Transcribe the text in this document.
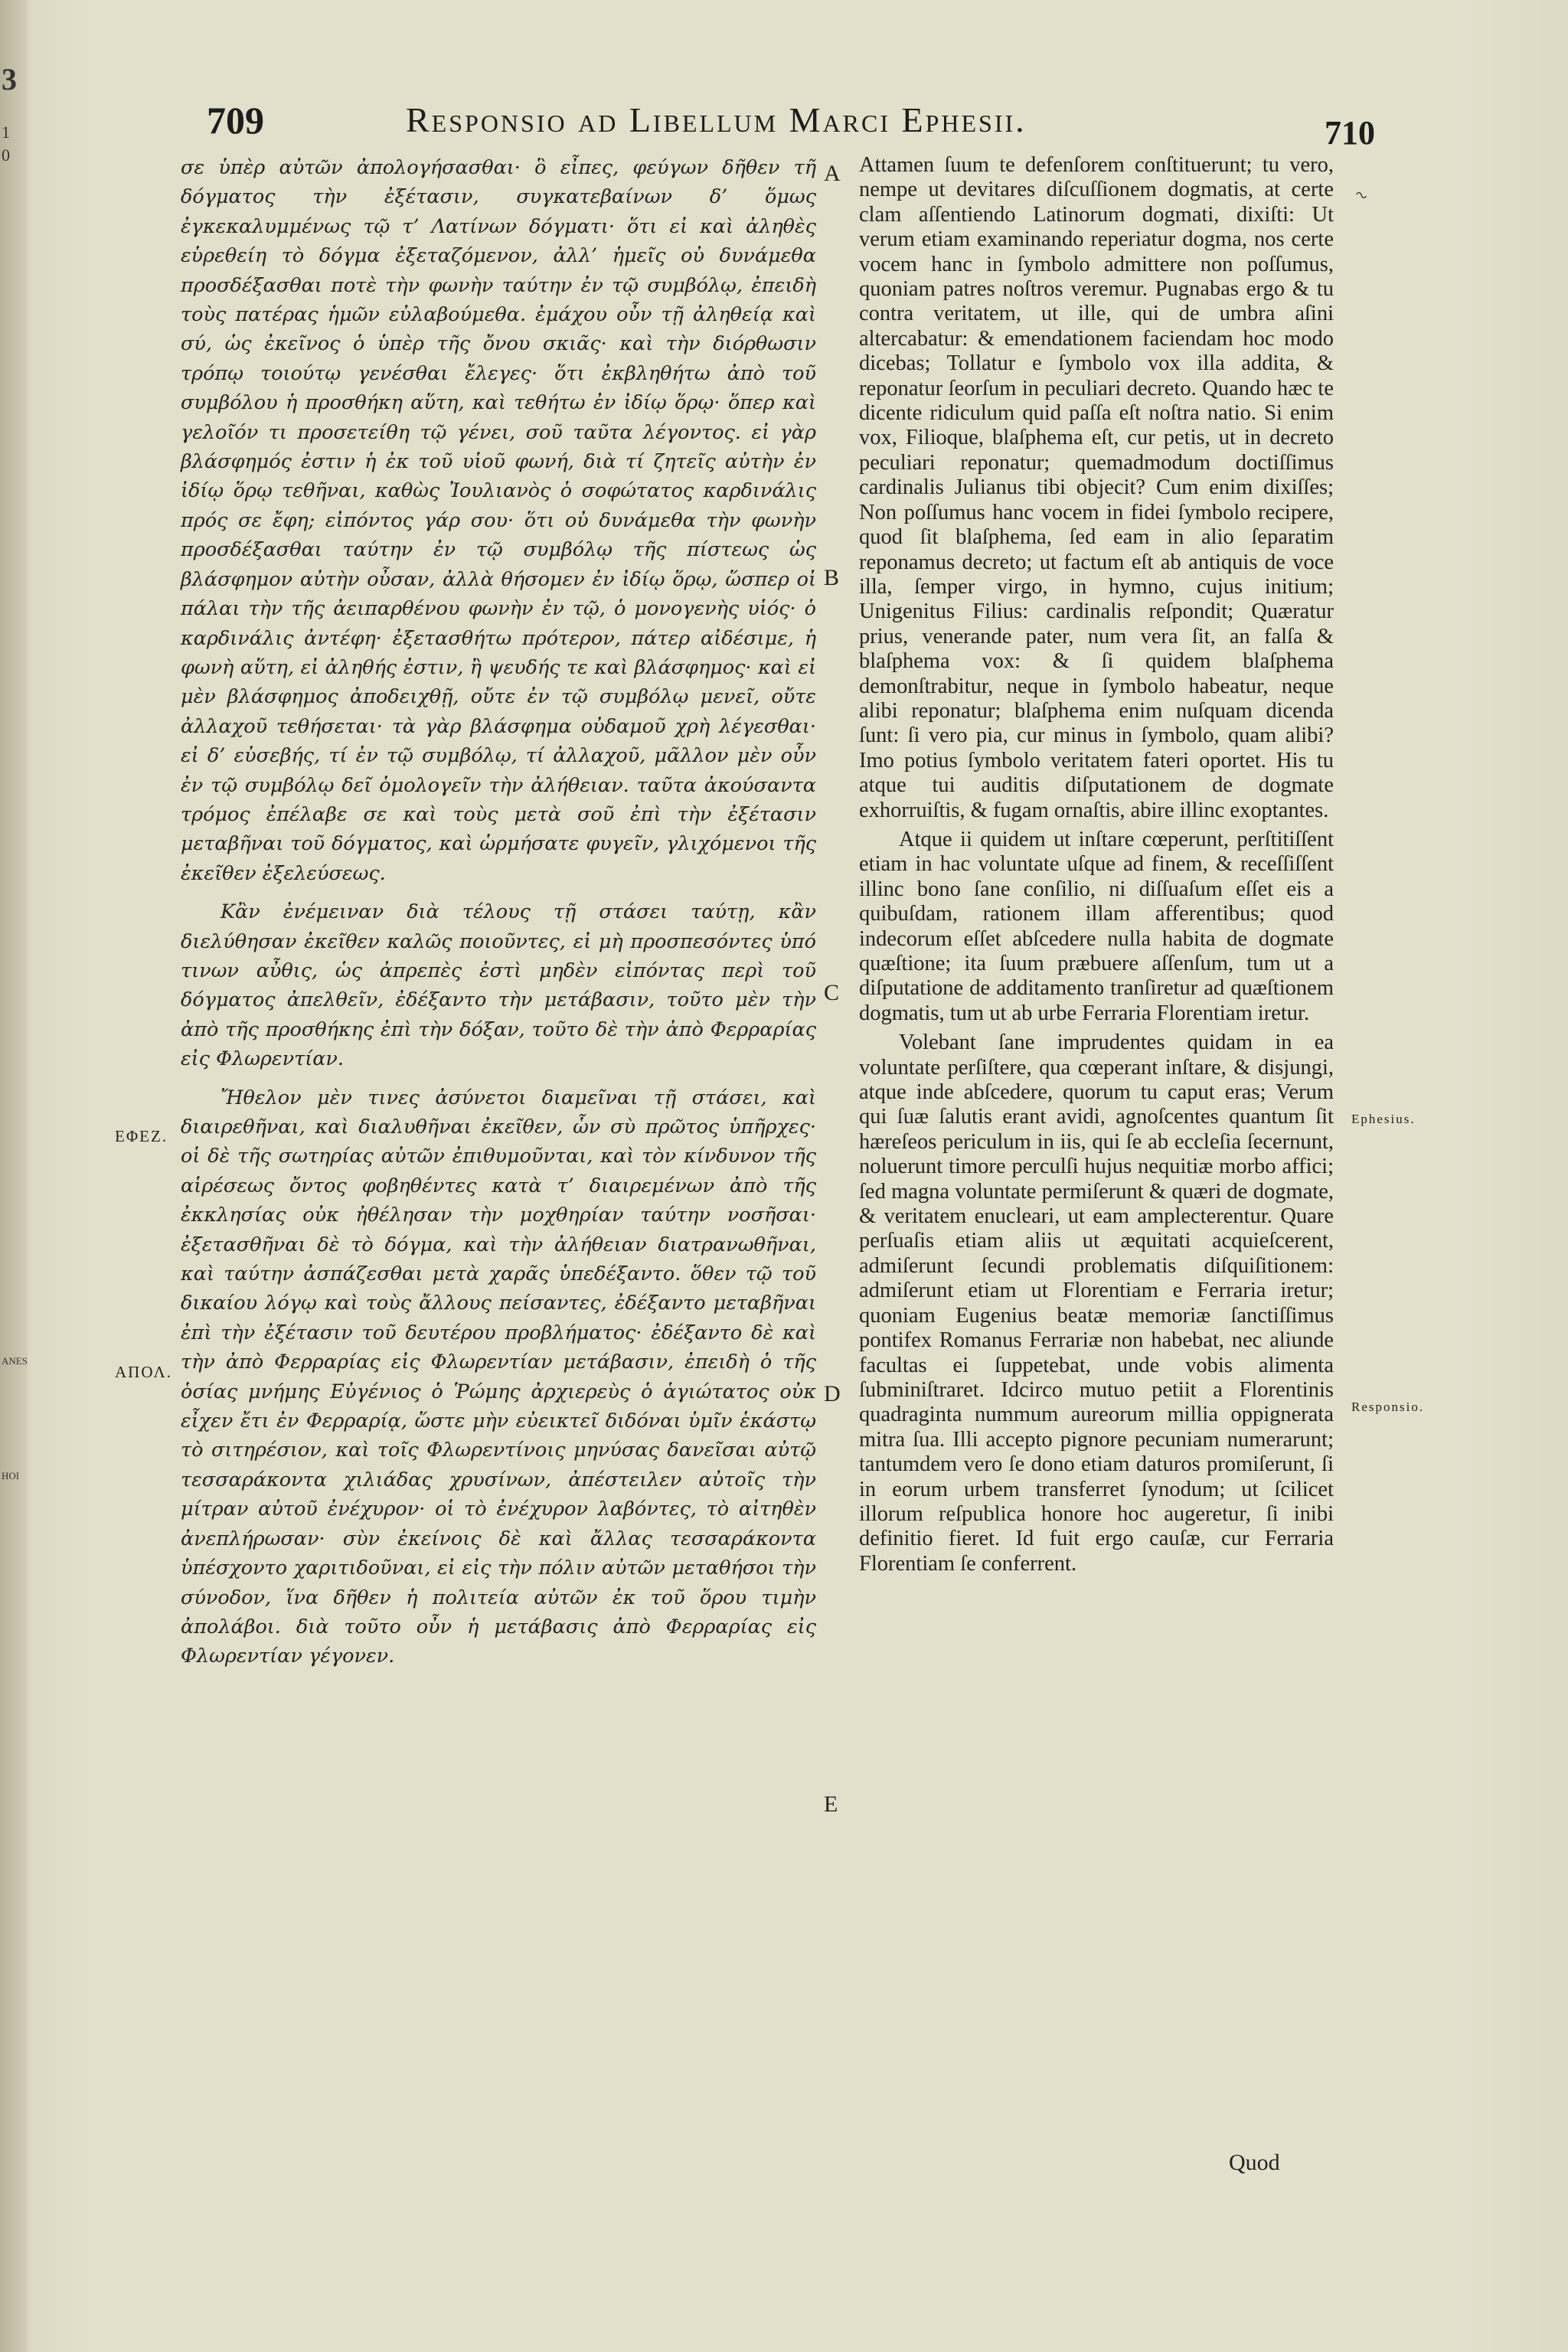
3
1
0
ANES
HOI
709	Responsio ad Libellum Marci Ephesii.	710
~

σε ὑπὲρ αὐτῶν ἀπολογήσασθαι· ὃ εἶπες, φεύγων δῆθεν τῆ δόγματος τὴν ἐξέτασιν, συγκατεβαίνων δ’ ὅμως ἐγκεκαλυμμένως τῷ τ’ Λατίνων δόγματι· ὅτι εἰ καὶ ἀληθὲς εὑρεθείη τὸ δόγμα ἐξεταζόμενον, ἀλλ’ ἡμεῖς οὐ δυνάμεθα προσδέξασθαι ποτὲ τὴν φωνὴν ταύτην ἐν τῷ συμβόλῳ, ἐπειδὴ τοὺς πατέρας ἡμῶν εὐλαβούμεθα. ἐμάχου οὖν τῇ ἀληθείᾳ καὶ σύ, ὡς ἐκεῖνος ὁ ὑπὲρ τῆς ὄνου σκιᾶς· καὶ τὴν διόρθωσιν τρόπῳ τοιούτῳ γενέσθαι ἔλεγες· ὅτι ἐκβληθήτω ἀπὸ τοῦ συμβόλου ἡ προσθήκη αὕτη, καὶ τεθήτω ἐν ἰδίῳ ὅρῳ· ὅπερ καὶ γελοῖόν τι προσετείθη τῷ γένει, σοῦ ταῦτα λέγοντος. εἰ γὰρ βλάσφημός ἐστιν ἡ ἐκ τοῦ υἱοῦ φωνή, διὰ τί ζητεῖς αὐτὴν ἐν ἰδίῳ ὅρῳ τεθῆναι, καθὼς Ἰουλιανὸς ὁ σοφώτατος καρδινάλις πρός σε ἔφη; εἰπόντος γάρ σου· ὅτι οὐ δυνάμεθα τὴν φωνὴν προσδέξασθαι ταύτην ἐν τῷ συμβόλῳ τῆς πίστεως ὡς βλάσφημον αὐτὴν οὖσαν, ἀλλὰ θήσομεν ἐν ἰδίῳ ὅρῳ, ὥσπερ οἱ πάλαι τὴν τῆς ἀειπαρθένου φωνὴν ἐν τῷ, ὁ μονογενὴς υἱός· ὁ καρδινάλις ἀντέφη· ἐξετασθήτω πρότερον, πάτερ αἰδέσιμε, ἡ φωνὴ αὕτη, εἰ ἀληθής ἐστιν, ἢ ψευδής τε καὶ βλάσφημος· καὶ εἰ μὲν βλάσφημος ἀποδειχθῇ, οὔτε ἐν τῷ συμβόλῳ μενεῖ, οὔτε ἀλλαχοῦ τεθήσεται· τὰ γὰρ βλάσφημα οὐδαμοῦ χρὴ λέγεσθαι· εἰ δ’ εὐσεβής, τί ἐν τῷ συμβόλῳ, τί ἀλλαχοῦ, μᾶλλον μὲν οὖν ἐν τῷ συμβόλῳ δεῖ ὁμολογεῖν τὴν ἀλήθειαν. ταῦτα ἀκούσαντα τρόμος ἐπέλαβε σε καὶ τοὺς μετὰ σοῦ ἐπὶ τὴν ἐξέτασιν μεταβῆναι τοῦ δόγματος, καὶ ὡρμήσατε φυγεῖν, γλιχόμενοι τῆς ἐκεῖθεν ἐξελεύσεως.

Κἂν ἐνέμειναν διὰ τέλους τῇ στάσει ταύτῃ, κἂν διελύθησαν ἐκεῖθεν καλῶς ποιοῦντες, εἰ μὴ προσπεσόντες ὑπό τινων αὖθις, ὡς ἀπρεπὲς ἐστὶ μηδὲν εἰπόντας περὶ τοῦ δόγματος ἀπελθεῖν, ἐδέξαντο τὴν μετάβασιν, τοῦτο μὲν τὴν ἀπὸ τῆς προσθήκης ἐπὶ τὴν δόξαν, τοῦτο δὲ τὴν ἀπὸ Φερραρίας εἰς Φλωρεντίαν.

Ἤθελον μὲν τινες ἀσύνετοι διαμεῖναι τῇ στάσει, καὶ διαιρεθῆναι, καὶ διαλυθῆναι ἐκεῖθεν, ὧν σὺ πρῶτος ὑπῆρχες· οἱ δὲ τῆς σωτηρίας αὐτῶν ἐπιθυμοῦνται, καὶ τὸν κίνδυνον τῆς αἱρέσεως ὄντος φοβηθέντες κατὰ τ’ διαιρεμένων ἀπὸ τῆς ἐκκλησίας οὐκ ἠθέλησαν τὴν μοχθηρίαν ταύτην νοσῆσαι· ἐξετασθῆναι δὲ τὸ δόγμα, καὶ τὴν ἀλήθειαν διατρανωθῆναι, καὶ ταύτην ἀσπάζεσθαι μετὰ χαρᾶς ὑπεδέξαντο. ὅθεν τῷ τοῦ δικαίου λόγῳ καὶ τοὺς ἄλλους πείσαντες, ἐδέξαντο μεταβῆναι ἐπὶ τὴν ἐξέτασιν τοῦ δευτέρου προβλήματος· ἐδέξαντο δὲ καὶ τὴν ἀπὸ Φερραρίας εἰς Φλωρεντίαν μετάβασιν, ἐπειδὴ ὁ τῆς ὁσίας μνήμης Εὐγένιος ὁ Ῥώμης ἀρχιερεὺς ὁ ἁγιώτατος οὐκ εἶχεν ἔτι ἐν Φερραρίᾳ, ὥστε μὴν εὐεικτεῖ διδόναι ὑμῖν ἑκάστῳ τὸ σιτηρέσιον, καὶ τοῖς Φλωρεντίνοις μηνύσας δανεῖσαι αὐτῷ τεσσαράκοντα χιλιάδας χρυσίνων, ἀπέστειλεν αὐτοῖς τὴν μίτραν αὐτοῦ ἐνέχυρον· οἱ τὸ ἐνέχυρον λαβόντες, τὸ αἰτηθὲν ἀνεπλήρωσαν· σὺν ἐκείνοις δὲ καὶ ἄλλας τεσσαράκοντα ὑπέσχοντο χαριτιδοῦναι, εἰ εἰς τὴν πόλιν αὐτῶν μεταθήσοι τὴν σύνοδον, ἵνα δῆθεν ἡ πολιτεία αὐτῶν ἐκ τοῦ ὅρου τιμὴν ἀπολάβοι. διὰ τοῦτο οὖν ἡ μετάβασις ἀπὸ Φερραρίας εἰς Φλωρεντίαν γέγονεν.

ΕΦΕΖ.
ΑΠΟΛ.
A
B
C
D
E

Attamen ſuum te defenſorem conſtituerunt; tu vero, nempe ut devitares diſcuſſionem dogmatis, at certe clam aſſentiendo Latinorum dogmati, dixiſti: Ut verum etiam examinando reperiatur dogma, nos certe vocem hanc in ſymbolo admittere non poſſumus, quoniam patres noſtros veremur. Pugnabas ergo & tu contra veritatem, ut ille, qui de umbra aſini altercabatur: & emendationem faciendam hoc modo dicebas; Tollatur e ſymbolo vox illa addita, & reponatur ſeorſum in peculiari decreto. Quando hæc te dicente ridiculum quid paſſa eſt noſtra natio. Si enim vox, Filioque, blaſphema eſt, cur petis, ut in decreto peculiari reponatur; quemadmodum doctiſſimus cardinalis Julianus tibi objecit? Cum enim dixiſſes; Non poſſumus hanc vocem in fidei ſymbolo recipere, quod ſit blaſphema, ſed eam in alio ſeparatim reponamus decreto; ut factum eſt ab antiquis de voce illa, ſemper virgo, in hymno, cujus initium; Unigenitus Filius: cardinalis reſpondit; Quæratur prius, venerande pater, num vera ſit, an falſa & blaſphema vox: & ſi quidem blaſphema demonſtrabitur, neque in ſymbolo habeatur, neque alibi reponatur; blaſphema enim nuſquam dicenda ſunt: ſi vero pia, cur minus in ſymbolo, quam alibi? Imo potius ſymbolo veritatem fateri oportet. His tu atque tui auditis diſputationem de dogmate exhorruiſtis, & fugam ornaſtis, abire illinc exoptantes.

Atque ii quidem ut inſtare cœperunt, perſtitiſſent etiam in hac voluntate uſque ad finem, & receſſiſſent illinc bono ſane conſilio, ni diſſuaſum eſſet eis a quibuſdam, rationem illam afferentibus; quod indecorum eſſet abſcedere nulla habita de dogmate quæſtione; ita ſuum præbuere aſſenſum, tum ut a diſputatione de additamento tranſiretur ad quæſtionem dogmatis, tum ut ab urbe Ferraria Florentiam iretur.

Volebant ſane imprudentes quidam in ea voluntate perſiſtere, qua cœperant inſtare, & disjungi, atque inde abſcedere, quorum tu caput eras; Verum qui ſuæ ſalutis erant avidi, agnoſcentes quantum ſit hæreſeos periculum in iis, qui ſe ab eccleſia ſecernunt, noluerunt timore perculſi hujus nequitiæ morbo affici; ſed magna voluntate permiſerunt & quæri de dogmate, & veritatem enucleari, ut eam amplecterentur. Quare perſuaſis etiam aliis ut æquitati acquieſcerent, admiſerunt ſecundi problematis diſquiſitionem: admiſerunt etiam ut Florentiam e Ferraria iretur; quoniam Eugenius beatæ memoriæ ſanctiſſimus pontifex Romanus Ferrariæ non habebat, nec aliunde facultas ei ſuppetebat, unde vobis alimenta ſubminiſtraret. Idcirco mutuo petiit a Florentinis quadraginta nummum aureorum millia oppignerata mitra ſua. Illi accepto pignore pecuniam numerarunt; tantumdem vero ſe dono etiam daturos promiſerunt, ſi in eorum urbem transferret ſynodum; ut ſcilicet illorum reſpublica honore hoc augeretur, ſi inibi definitio fieret. Id fuit ergo cauſæ, cur Ferraria Florentiam ſe conferrent.

Ephesius.
Responsio.
Quod
